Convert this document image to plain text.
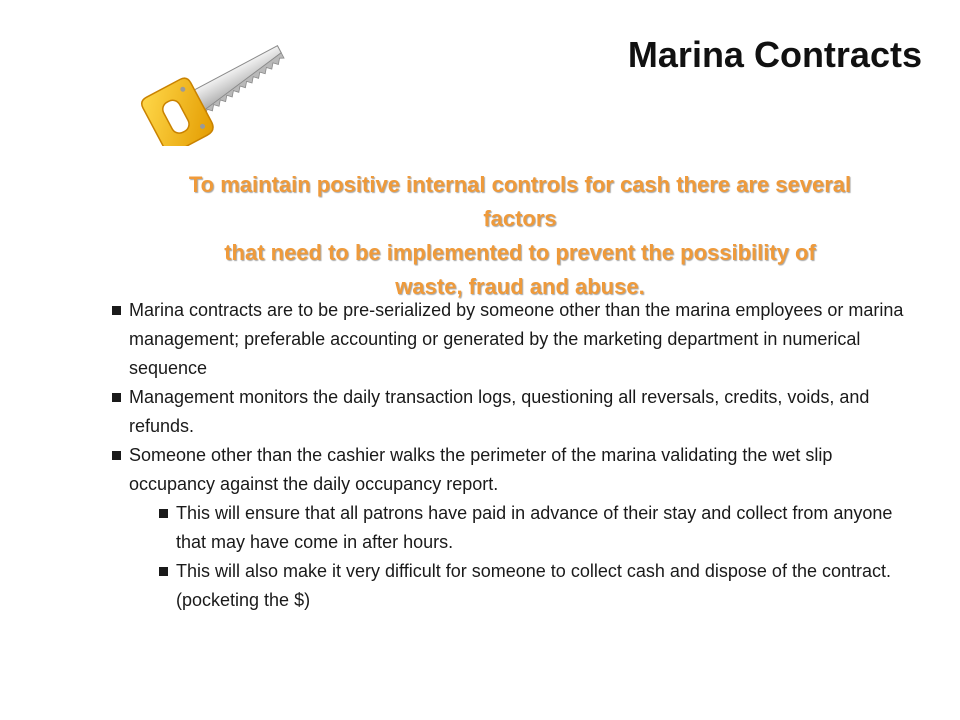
Marina Contracts
To maintain positive internal controls for cash there are several factors
that need to be implemented to prevent the possibility of
waste, fraud and abuse.
Marina contracts are to be pre-serialized by someone other than the marina employees or marina management; preferable accounting or generated by the marketing department in numerical sequence
Management monitors the daily transaction logs, questioning all reversals, credits, voids, and refunds.
Someone other than the cashier walks the perimeter of the marina validating the wet slip occupancy against the daily occupancy report.
This will ensure that all patrons have paid in advance of their stay and collect from anyone that may have come in after hours.
This will also make it very difficult for someone to collect cash and dispose of the contract. (pocketing the $)
